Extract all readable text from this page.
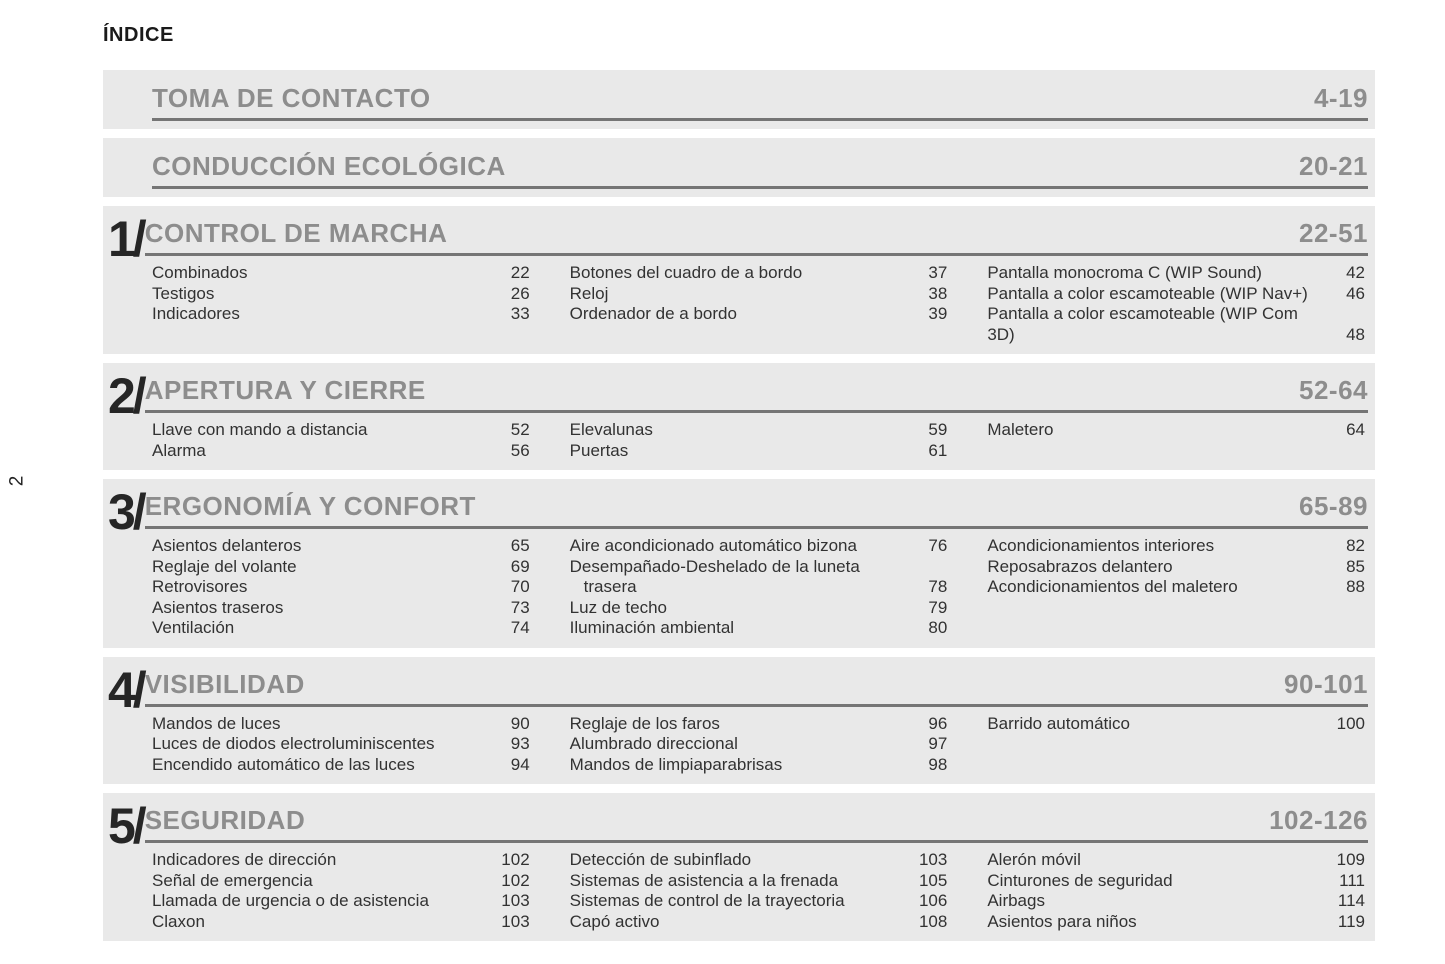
2
ÍNDICE
TOMA DE CONTACTO	4-19
CONDUCCIÓN ECOLÓGICA	20-21
1/ CONTROL DE MARCHA	22-51
Combinados	22
Testigos	26
Indicadores	33
Botones del cuadro de a bordo	37
Reloj	38
Ordenador de a bordo	39
Pantalla monocroma C (WIP Sound)	42
Pantalla a color escamoteable (WIP Nav+)	46
Pantalla a color escamoteable (WIP Com 3D)	48
2/ APERTURA Y CIERRE	52-64
Llave con mando a distancia	52
Alarma	56
Elevalunas	59
Puertas	61
Maletero	64
3/ ERGONOMÍA Y CONFORT	65-89
Asientos delanteros	65
Reglaje del volante	69
Retrovisores	70
Asientos traseros	73
Ventilación	74
Aire acondicionado automático bizona	76
Desempañado-Deshelado de la luneta trasera	78
Luz de techo	79
Iluminación ambiental	80
Acondicionamientos interiores	82
Reposabrazos delantero	85
Acondicionamientos del maletero	88
4/ VISIBILIDAD	90-101
Mandos de luces	90
Luces de diodos electroluminiscentes	93
Encendido automático de las luces	94
Reglaje de los faros	96
Alumbrado direccional	97
Mandos de limpiaparabrisas	98
Barrido automático	100
5/ SEGURIDAD	102-126
Indicadores de dirección	102
Señal de emergencia	102
Llamada de urgencia o de asistencia	103
Claxon	103
Detección de subinflado	103
Sistemas de asistencia a la frenada	105
Sistemas de control de la trayectoria	106
Capó activo	108
Alerón móvil	109
Cinturones de seguridad	111
Airbags	114
Asientos para niños	119
